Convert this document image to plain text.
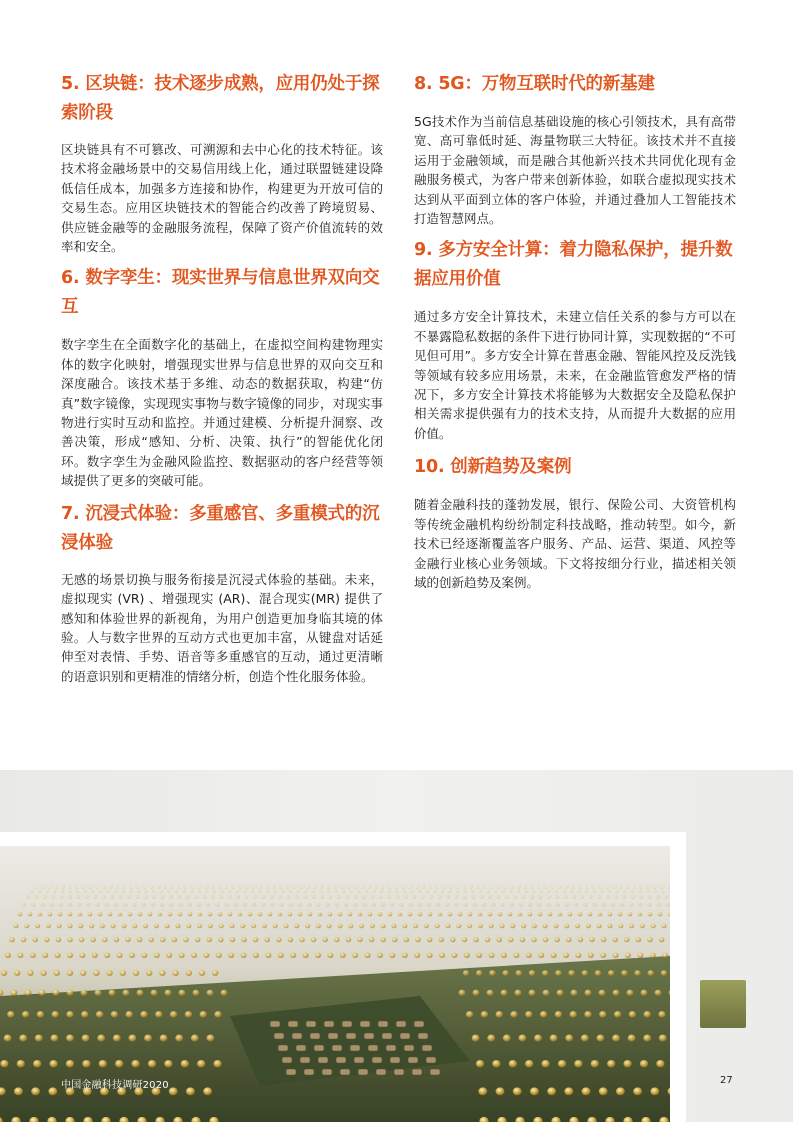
5. 区块链：技术逐步成熟，应用仍处于探索阶段

区块链具有不可篡改、可溯源和去中心化的技术特征。该技术将金融场景中的交易信用线上化，通过联盟链建设降低信任成本，加强多方连接和协作，构建更为开放可信的交易生态。应用区块链技术的智能合约改善了跨境贸易、供应链金融等的金融服务流程，保障了资产价值流转的效率和安全。

6. 数字孪生：现实世界与信息世界双向交互

数字孪生在全面数字化的基础上，在虚拟空间构建物理实体的数字化映射，增强现实世界与信息世界的双向交互和深度融合。该技术基于多维、动态的数据获取，构建“仿真”数字镜像，实现现实事物与数字镜像的同步，对现实事物进行实时互动和监控。并通过建模、分析提升洞察、改善决策，形成“感知、分析、决策、执行”的智能优化闭环。数字孪生为金融风险监控、数据驱动的客户经营等领域提供了更多的突破可能。

7. 沉浸式体验：多重感官、多重模式的沉浸体验

无感的场景切换与服务衔接是沉浸式体验的基础。未来，虚拟现实 (VR) 、增强现实 (AR)、混合现实(MR) 提供了感知和体验世界的新视角，为用户创造更加身临其境的体验。人与数字世界的互动方式也更加丰富，从键盘对话延伸至对表情、手势、语音等多重感官的互动，通过更清晰的语意识别和更精准的情绪分析，创造个性化服务体验。

8. 5G：万物互联时代的新基建

5G技术作为当前信息基础设施的核心引领技术，具有高带宽、高可靠低时延、海量物联三大特征。该技术并不直接运用于金融领域，而是融合其他新兴技术共同优化现有金融服务模式，为客户带来创新体验，如联合虚拟现实技术达到从平面到立体的客户体验，并通过叠加人工智能技术打造智慧网点。

9. 多方安全计算：着力隐私保护，提升数据应用价值

通过多方安全计算技术，未建立信任关系的参与方可以在不暴露隐私数据的条件下进行协同计算，实现数据的“不可见但可用”。多方安全计算在普惠金融、智能风控及反洗钱等领域有较多应用场景，未来，在金融监管愈发严格的情况下，多方安全计算技术将能够为大数据安全及隐私保护相关需求提供强有力的技术支持，从而提升大数据的应用价值。

10. 创新趋势及案例

随着金融科技的蓬勃发展，银行、保险公司、大资管机构等传统金融机构纷纷制定科技战略，推动转型。如今，新技术已经逐渐覆盖客户服务、产品、运营、渠道、风控等金融行业核心业务领域。下文将按细分行业，描述相关领域的创新趋势及案例。

中国金融科技调研2020	27
